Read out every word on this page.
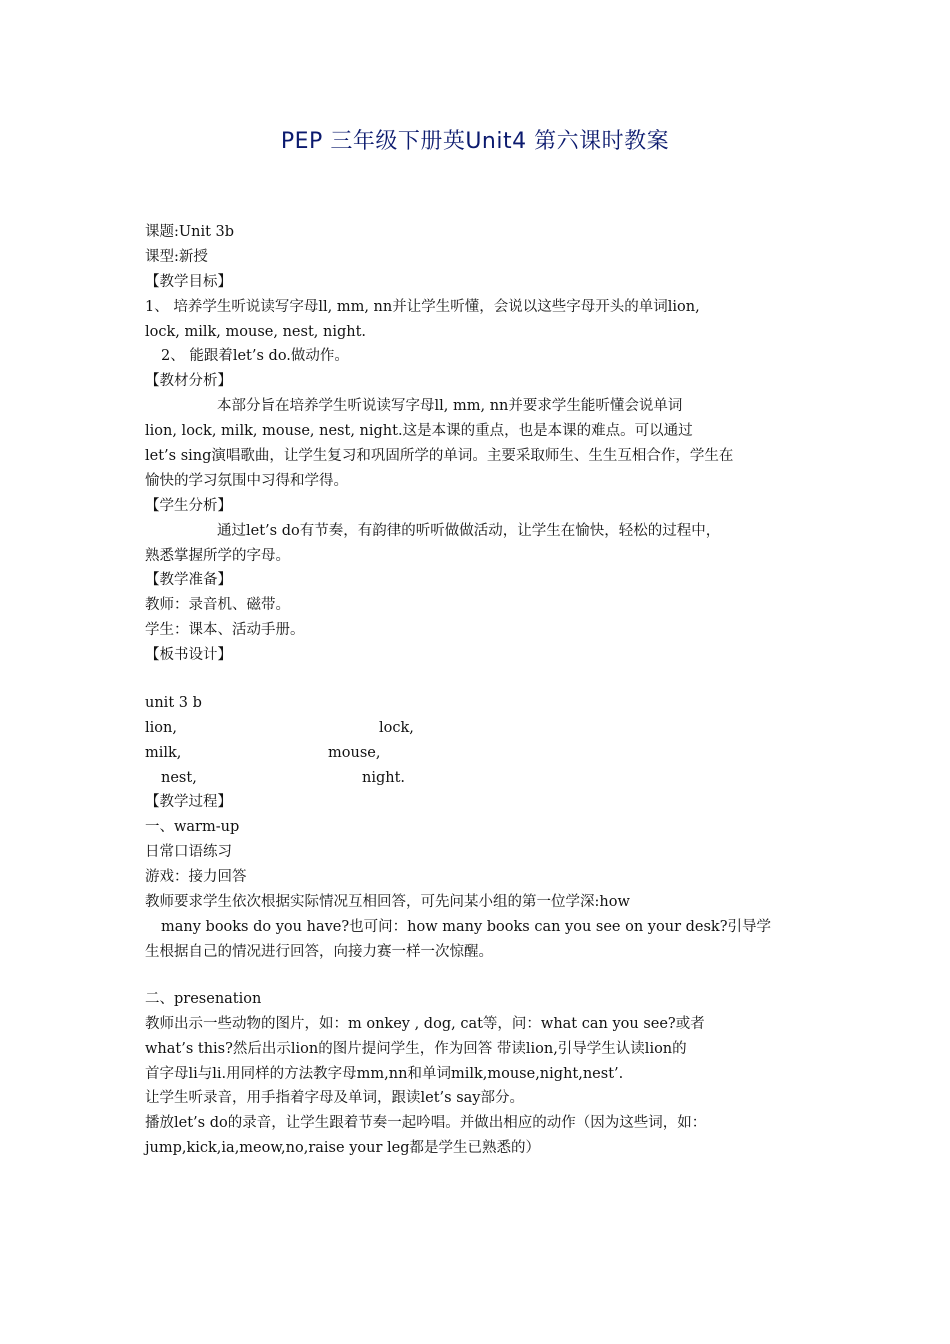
PEP 三年级下册英Unit4 第六课时教案
课题:Unit 3b
课型:新授
【教学目标】
1、 培养学生听说读写字母ll, mm, nn并让学生听懂，会说以这些字母开头的单词lion,
lock, milk, mouse, nest, night.
2、 能跟着let’s do.做动作。
【教材分析】
本部分旨在培养学生听说读写字母ll, mm, nn并要求学生能听懂会说单词
lion, lock, milk, mouse, nest, night.这是本课的重点，也是本课的难点。可以通过
let’s sing演唱歌曲，让学生复习和巩固所学的单词。主要采取师生、生生互相合作，学生在
愉快的学习氛围中习得和学得。
【学生分析】
通过let’s do有节奏，有韵律的听听做做活动，让学生在愉快，轻松的过程中，
熟悉掌握所学的字母。
【教学准备】
教师：录音机、磁带。
学生：课本、活动手册。
【板书设计】
unit 3 b
lion,	lock,
milk,	mouse,
nest,	night.
【教学过程】
一、warm-up
日常口语练习
游戏：接力回答
教师要求学生依次根据实际情况互相回答，可先问某小组的第一位学深:how
many books do you have?也可问：how many books can you see on your desk?引导学
生根据自己的情况进行回答，向接力赛一样一次惊醒。
二、presenation
教师出示一些动物的图片，如：m onkey , dog, cat等，问：what can you see?或者
what’s this?然后出示lion的图片提问学生，作为回答 带读lion,引导学生认读lion的
首字母li与li.用同样的方法教字母mm,nn和单词milk,mouse,night,nest’.
让学生听录音，用手指着字母及单词，跟读let’s say部分。
播放let’s do的录音，让学生跟着节奏一起吟唱。并做出相应的动作（因为这些词，如：
jump,kick,ia,meow,no,raise your leg都是学生已熟悉的）
